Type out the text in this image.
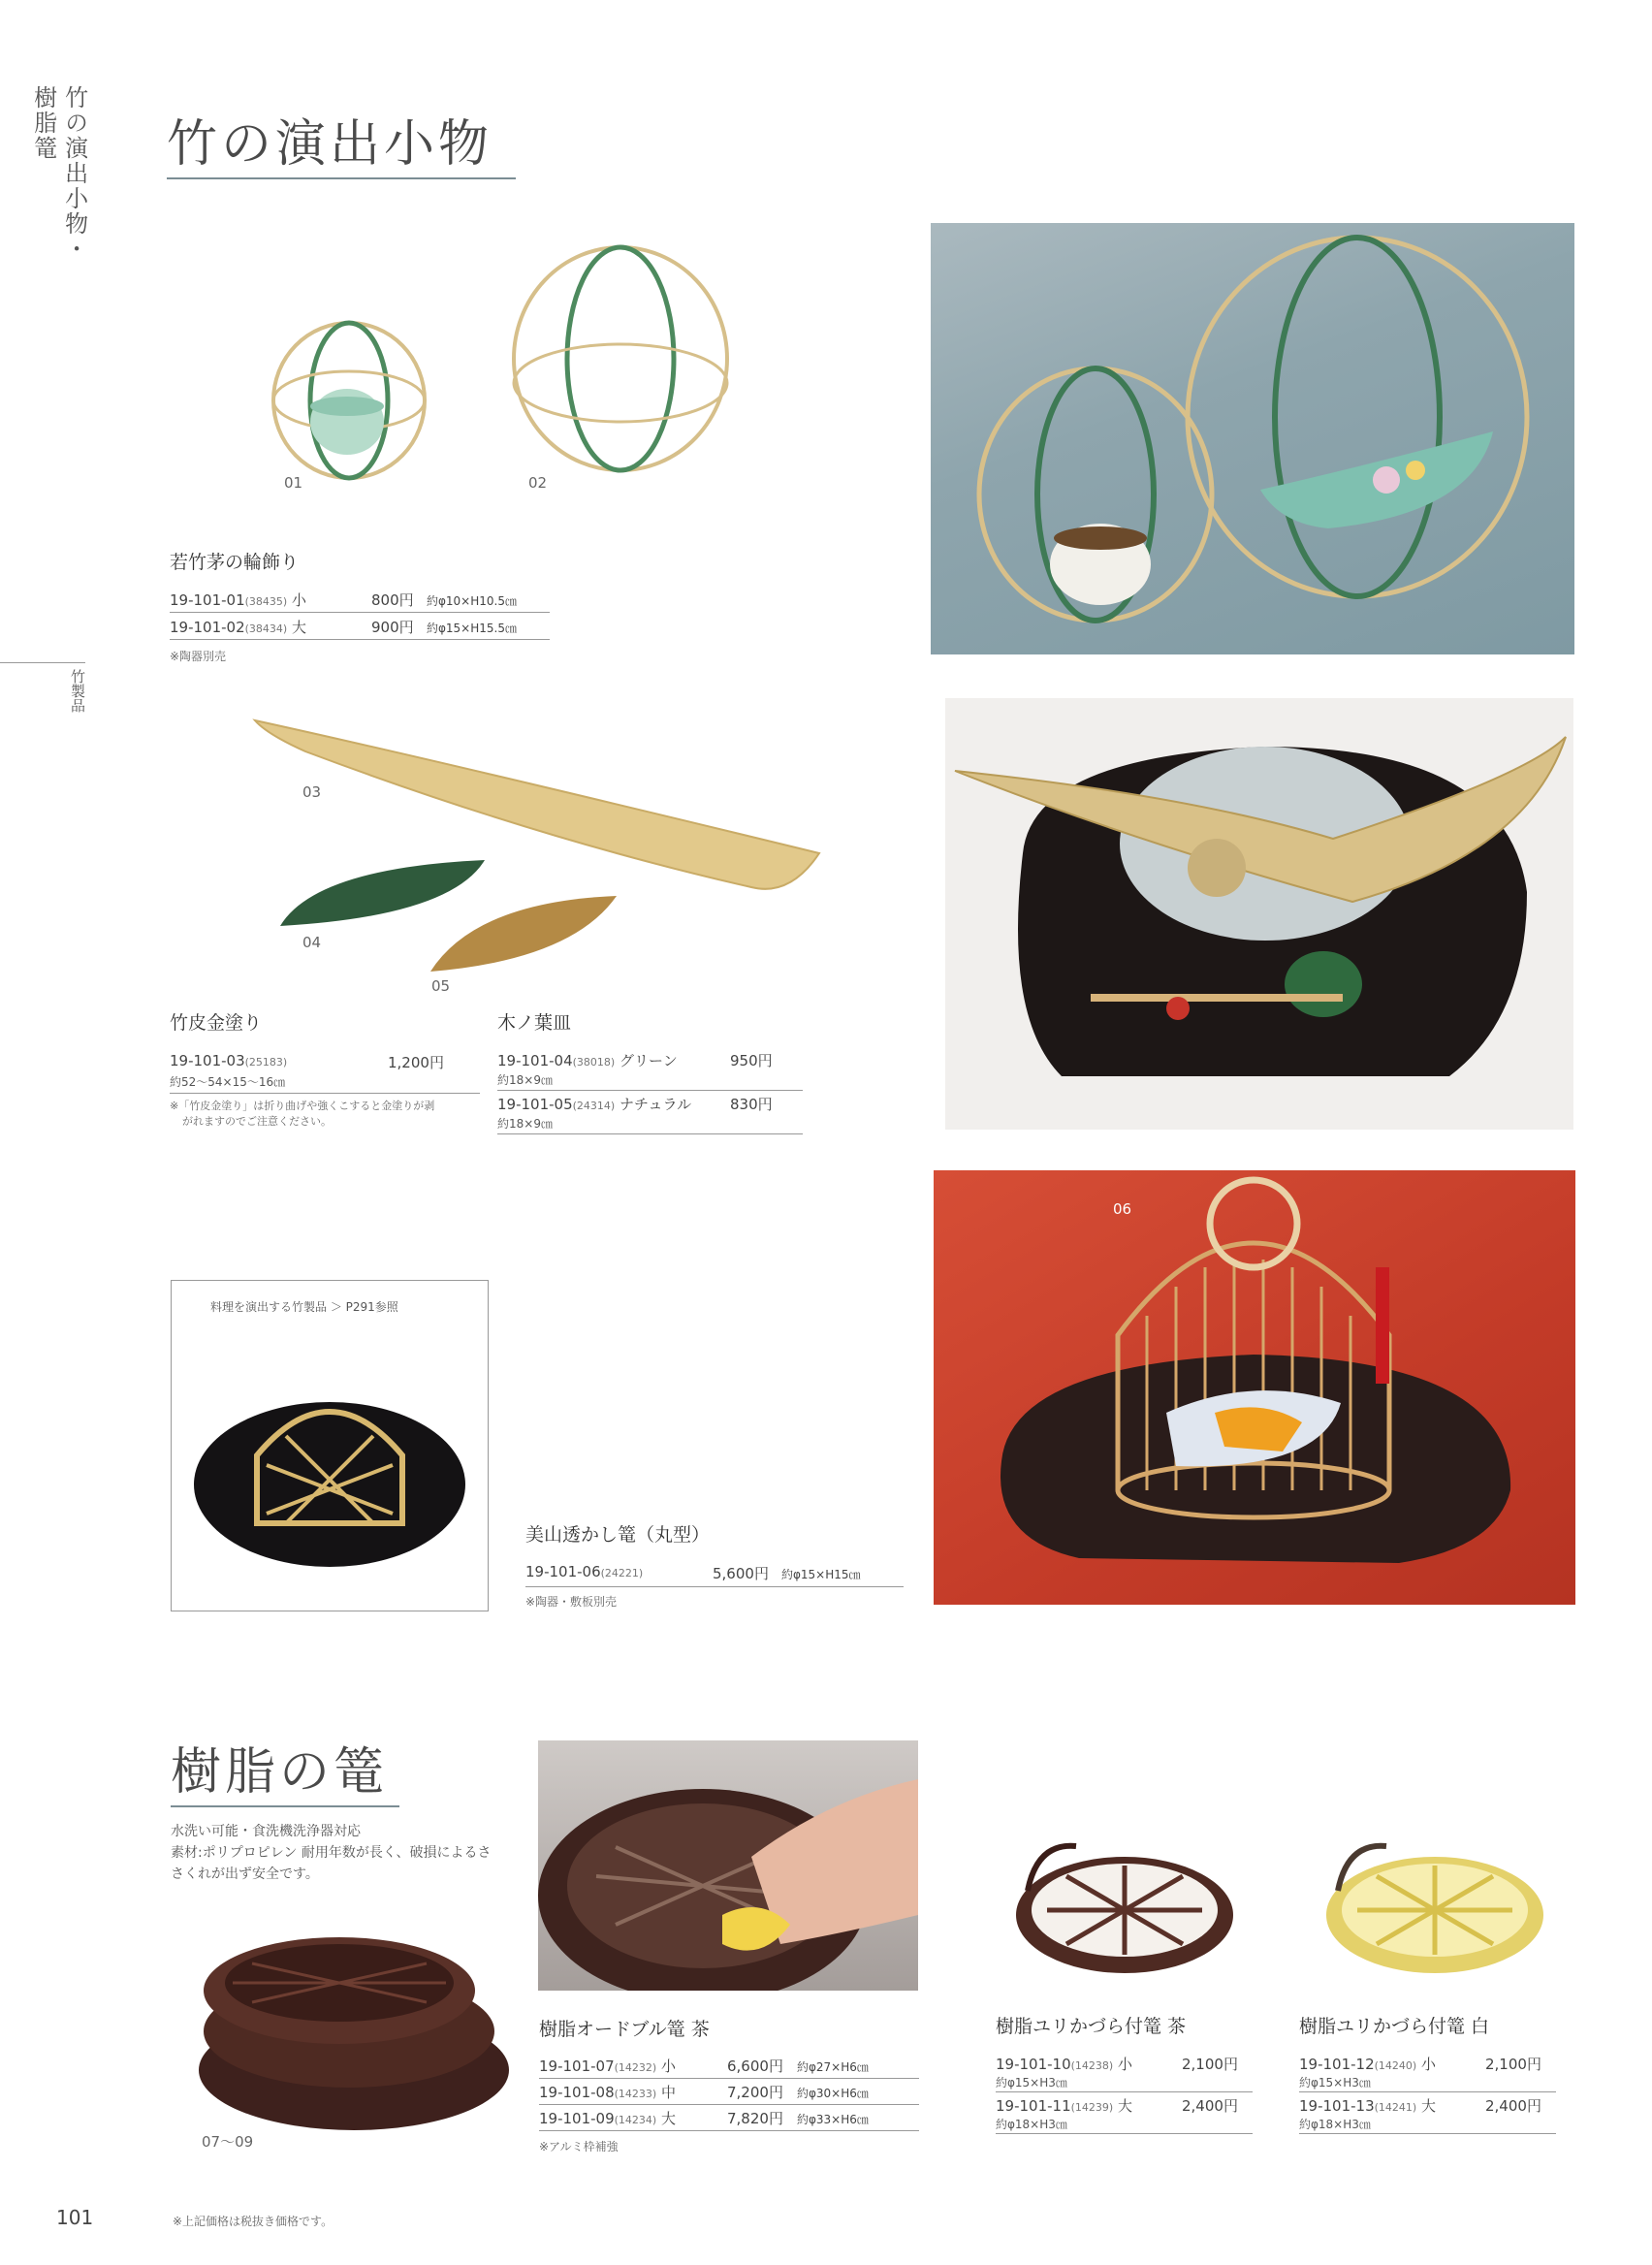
竹の演出小物・
樹脂篭
竹製品
竹の演出小物
01	02
若竹茅の輪飾り
19-101-01(38435) 小	800円 約φ10×H10.5㎝
19-101-02(38434) 大	900円 約φ15×H15.5㎝
※陶器別売
03
04
05
竹皮金塗り
19-101-03(25183)	1,200円
約52〜54×15〜16㎝
※「竹皮金塗り」は折り曲げや強くこすると金塗りが剥
がれますのでご注意ください。
木ノ葉皿
19-101-04(38018) グリーン	950円
約18×9㎝
19-101-05(24314) ナチュラル	830円
約18×9㎝
料理を演出する竹製品 ＞ P291参照
美山透かし篭（丸型）
19-101-06(24221)	5,600円 約φ15×H15㎝
※陶器・敷板別売
06
樹脂の篭
水洗い可能・食洗機洗浄器対応
素材:ポリプロピレン 耐用年数が長く、破損によるさ
さくれが出ず安全です。
07〜09
樹脂オードブル篭 茶
19-101-07(14232) 小	6,600円 約φ27×H6㎝
19-101-08(14233) 中	7,200円 約φ30×H6㎝
19-101-09(14234) 大	7,820円 約φ33×H6㎝
※アルミ枠補強
樹脂ユリかづら付篭 茶
19-101-10(14238) 小	2,100円
約φ15×H3㎝
19-101-11(14239) 大	2,400円
約φ18×H3㎝
樹脂ユリかづら付篭 白
19-101-12(14240) 小	2,100円
約φ15×H3㎝
19-101-13(14241) 大	2,400円
約φ18×H3㎝
101	※上記価格は税抜き価格です。
